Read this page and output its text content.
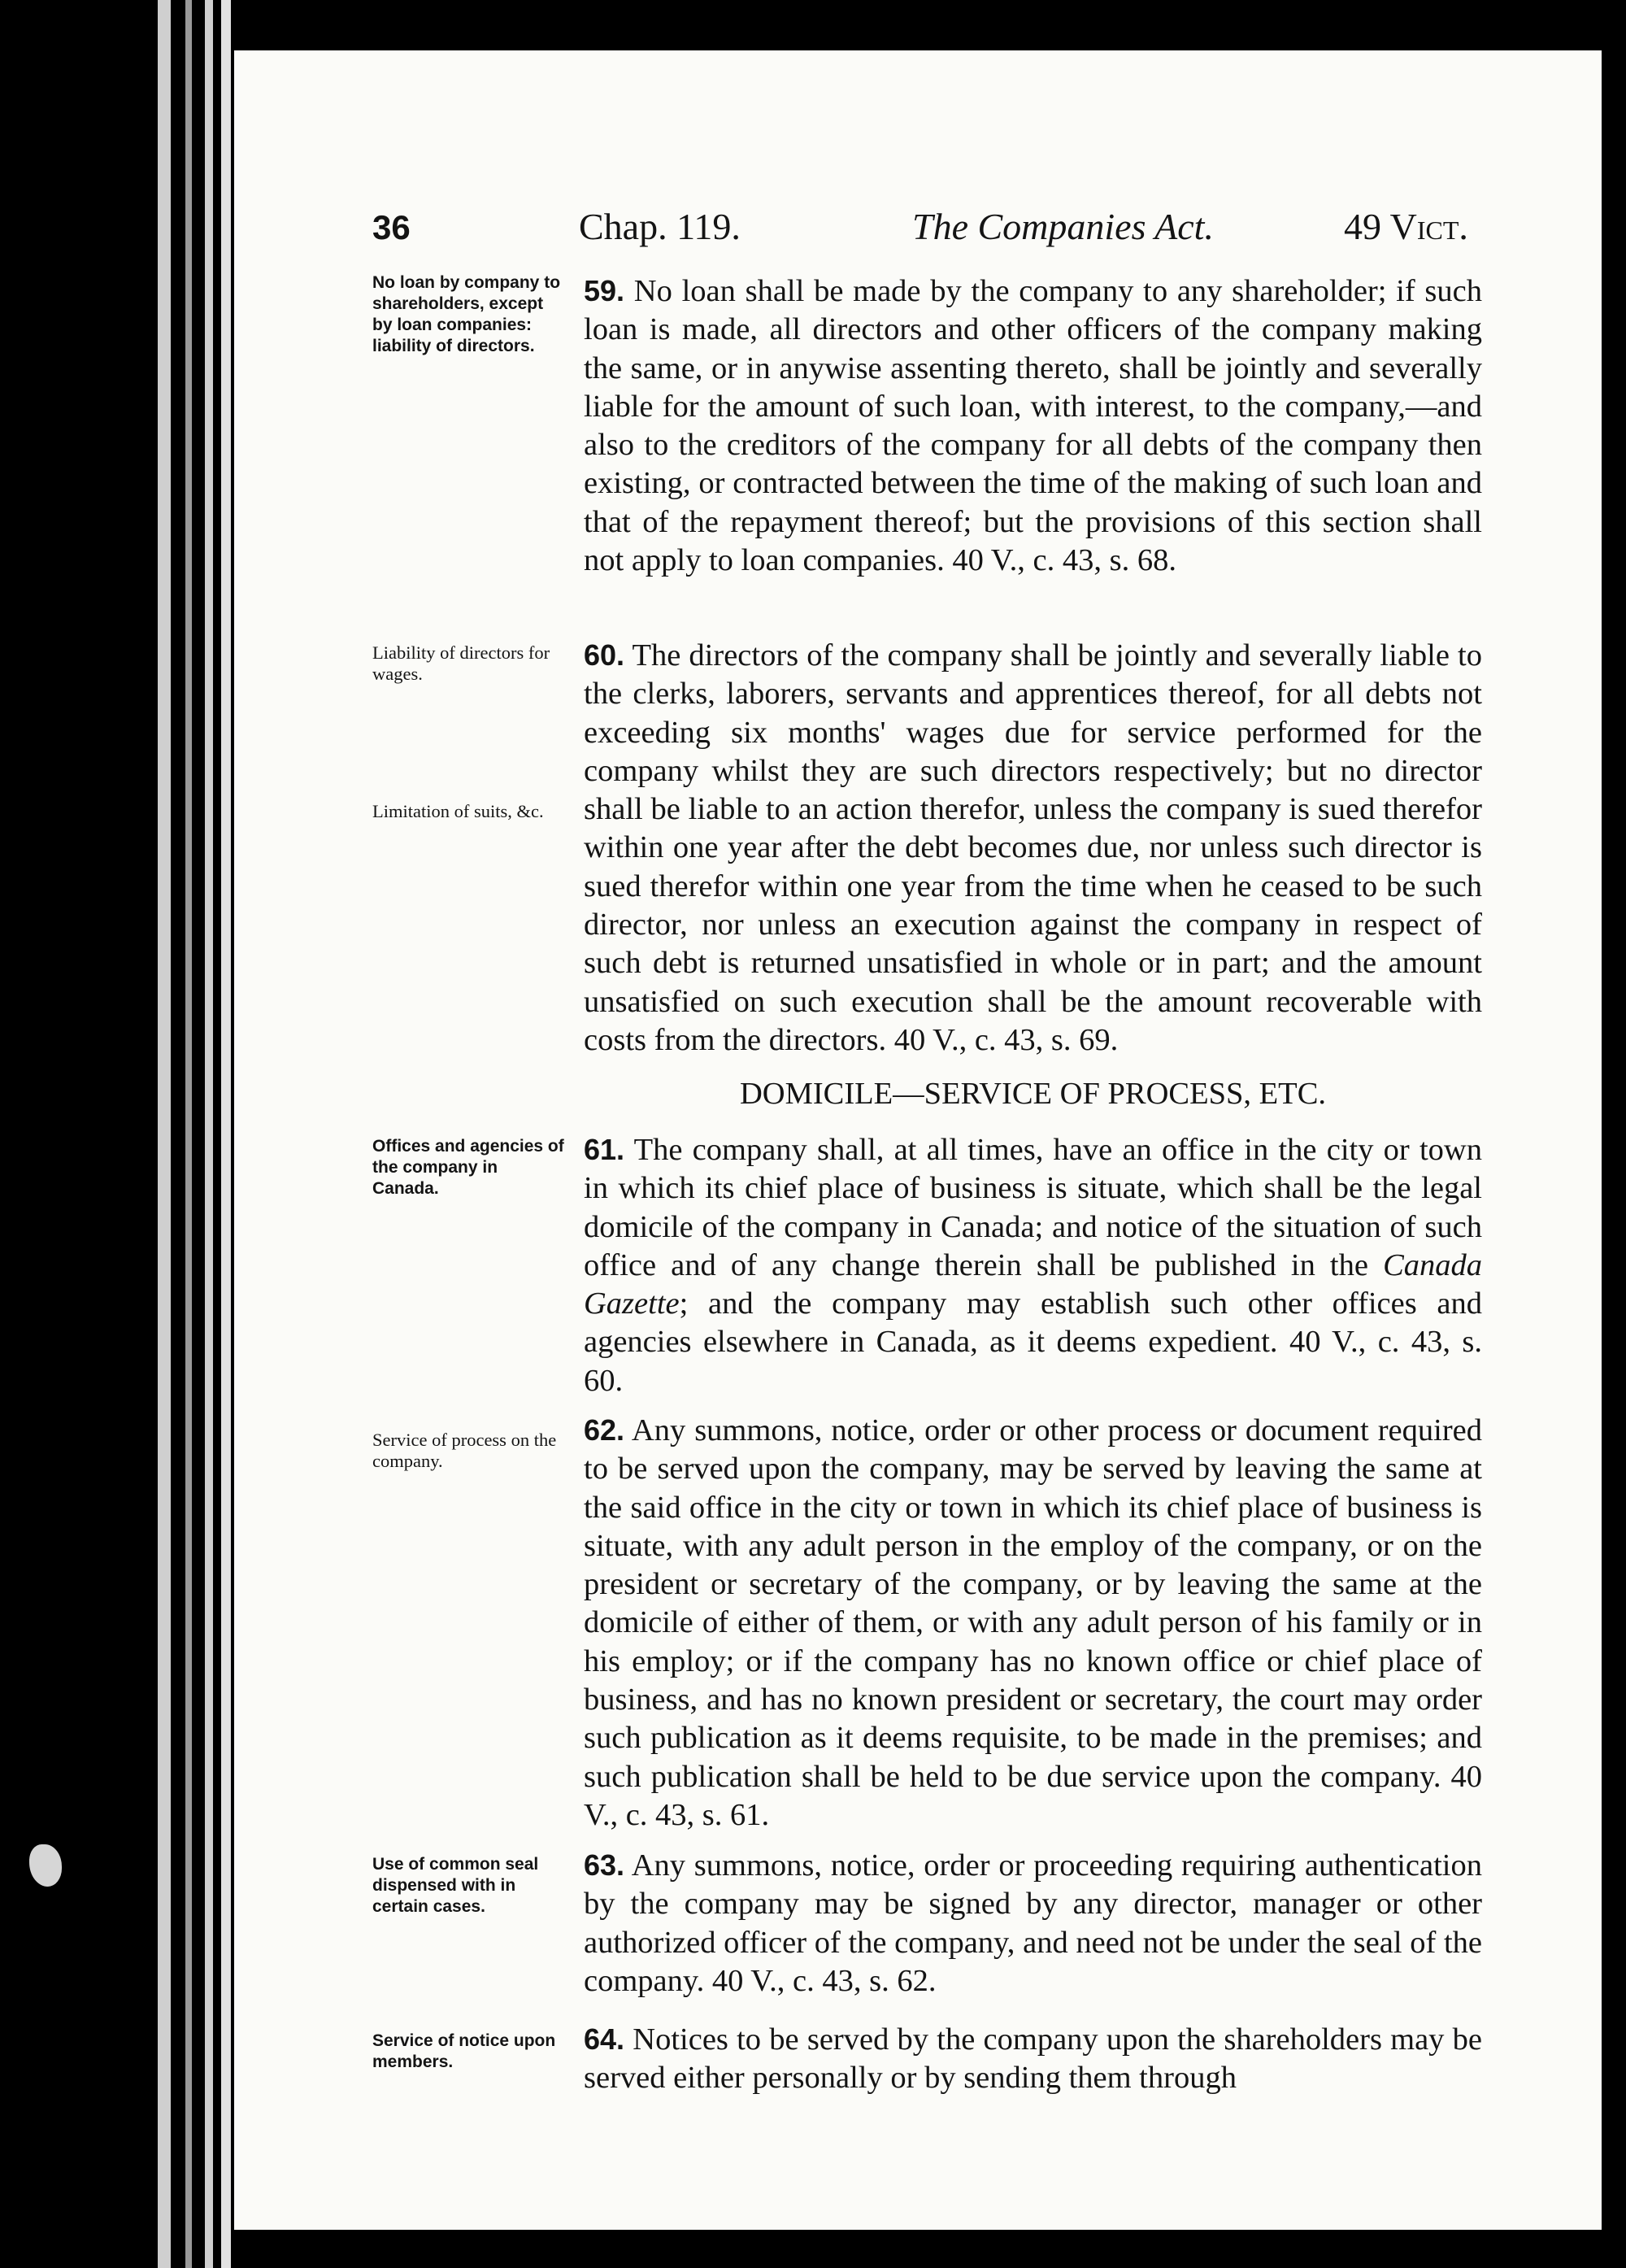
36	Chap. 119.	The Companies Act.	49 Vict.
No loan by company to shareholders, except by loan companies: liability of directors.
Liability of directors for wages.
Limitation of suits, &c.
Offices and agencies of the company in Canada.
Service of process on the company.
Use of common seal dispensed with in certain cases.
Service of notice upon members.

59. No loan shall be made by the company to any shareholder; if such loan is made, all directors and other officers of the company making the same, or in anywise assenting thereto, shall be jointly and severally liable for the amount of such loan, with interest, to the company,—and also to the creditors of the company for all debts of the company then existing, or contracted between the time of the making of such loan and that of the repayment thereof; but the provisions of this section shall not apply to loan companies. 40 V., c. 43, s. 68.

60. The directors of the company shall be jointly and severally liable to the clerks, laborers, servants and apprentices thereof, for all debts not exceeding six months' wages due for service performed for the company whilst they are such directors respectively; but no director shall be liable to an action therefor, unless the company is sued therefor within one year after the debt becomes due, nor unless such director is sued therefor within one year from the time when he ceased to be such director, nor unless an execution against the company in respect of such debt is returned unsatisfied in whole or in part; and the amount unsatisfied on such execution shall be the amount recoverable with costs from the directors. 40 V., c. 43, s. 69.

DOMICILE—SERVICE OF PROCESS, ETC.

61. The company shall, at all times, have an office in the city or town in which its chief place of business is situate, which shall be the legal domicile of the company in Canada; and notice of the situation of such office and of any change therein shall be published in the Canada Gazette; and the company may establish such other offices and agencies elsewhere in Canada, as it deems expedient. 40 V., c. 43, s. 60.

62. Any summons, notice, order or other process or document required to be served upon the company, may be served by leaving the same at the said office in the city or town in which its chief place of business is situate, with any adult person in the employ of the company, or on the president or secretary of the company, or by leaving the same at the domicile of either of them, or with any adult person of his family or in his employ; or if the company has no known office or chief place of business, and has no known president or secretary, the court may order such publication as it deems requisite, to be made in the premises; and such publication shall be held to be due service upon the company. 40 V., c. 43, s. 61.

63. Any summons, notice, order or proceeding requiring authentication by the company may be signed by any director, manager or other authorized officer of the company, and need not be under the seal of the company. 40 V., c. 43, s. 62.

64. Notices to be served by the company upon the shareholders may be served either personally or by sending them through
